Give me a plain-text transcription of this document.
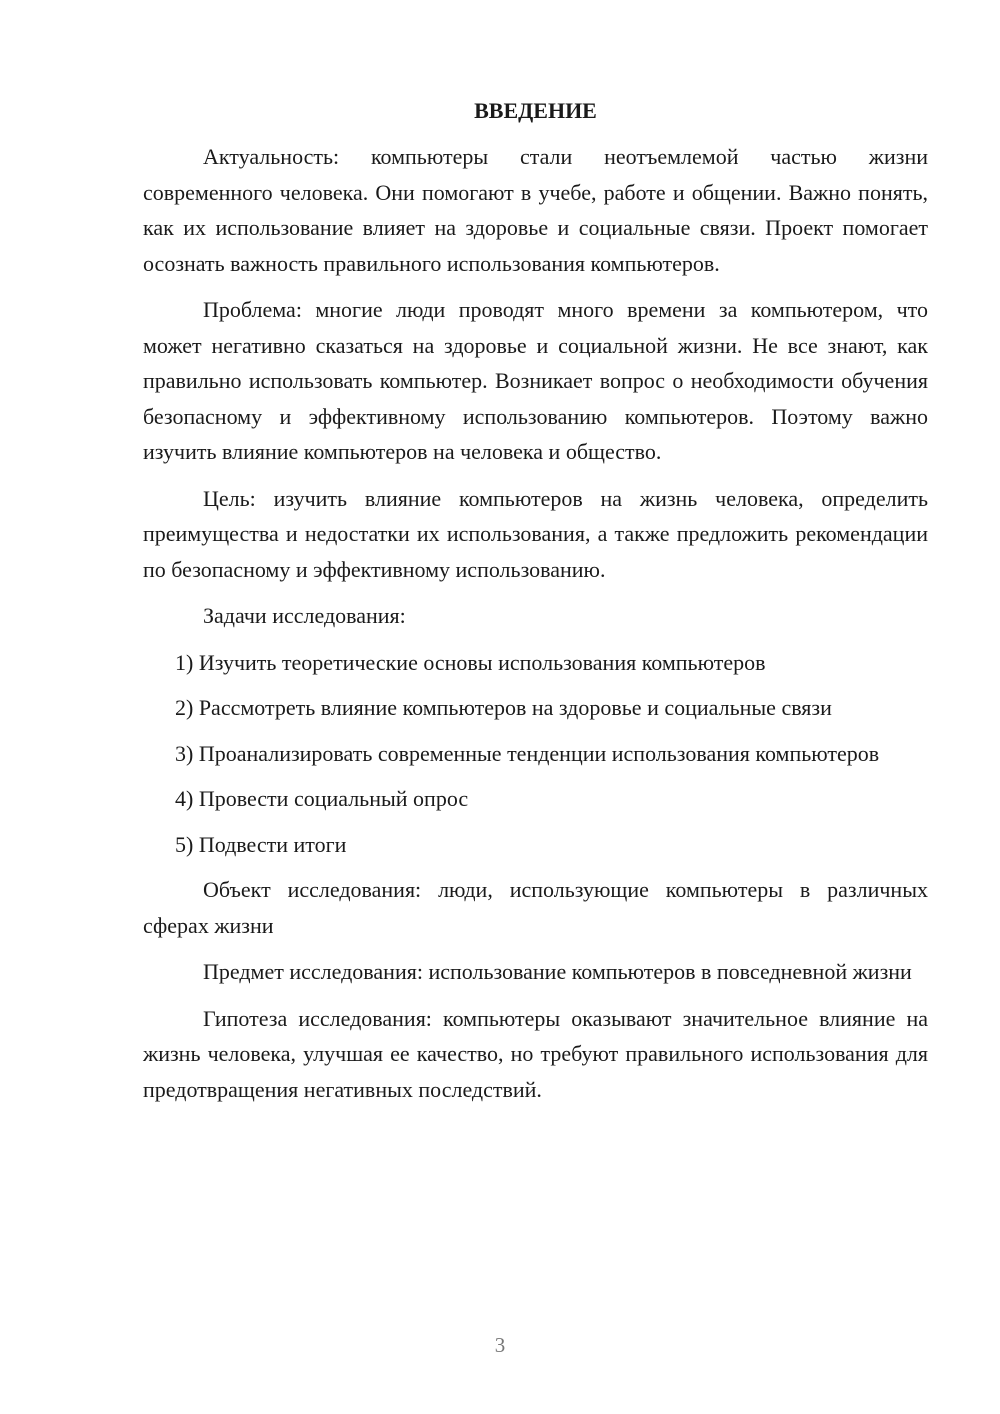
ВВЕДЕНИЕ

Актуальность: компьютеры стали неотъемлемой частью жизни современного человека. Они помогают в учебе, работе и общении. Важно понять, как их использование влияет на здоровье и социальные связи. Проект помогает осознать важность правильного использования компьютеров.

Проблема: многие люди проводят много времени за компьютером, что может негативно сказаться на здоровье и социальной жизни. Не все знают, как правильно использовать компьютер. Возникает вопрос о необходимости обучения безопасному и эффективному использованию компьютеров. Поэтому важно изучить влияние компьютеров на человека и общество.

Цель: изучить влияние компьютеров на жизнь человека, определить преимущества и недостатки их использования, а также предложить рекомендации по безопасному и эффективному использованию.

Задачи исследования:

1) Изучить теоретические основы использования компьютеров

2) Рассмотреть влияние компьютеров на здоровье и социальные связи

3) Проанализировать современные тенденции использования компьютеров

4) Провести социальный опрос

5) Подвести итоги

Объект исследования: люди, использующие компьютеры в различных сферах жизни

Предмет исследования: использование компьютеров в повседневной жизни

Гипотеза исследования: компьютеры оказывают значительное влияние на жизнь человека, улучшая ее качество, но требуют правильного использования для предотвращения негативных последствий.

3
